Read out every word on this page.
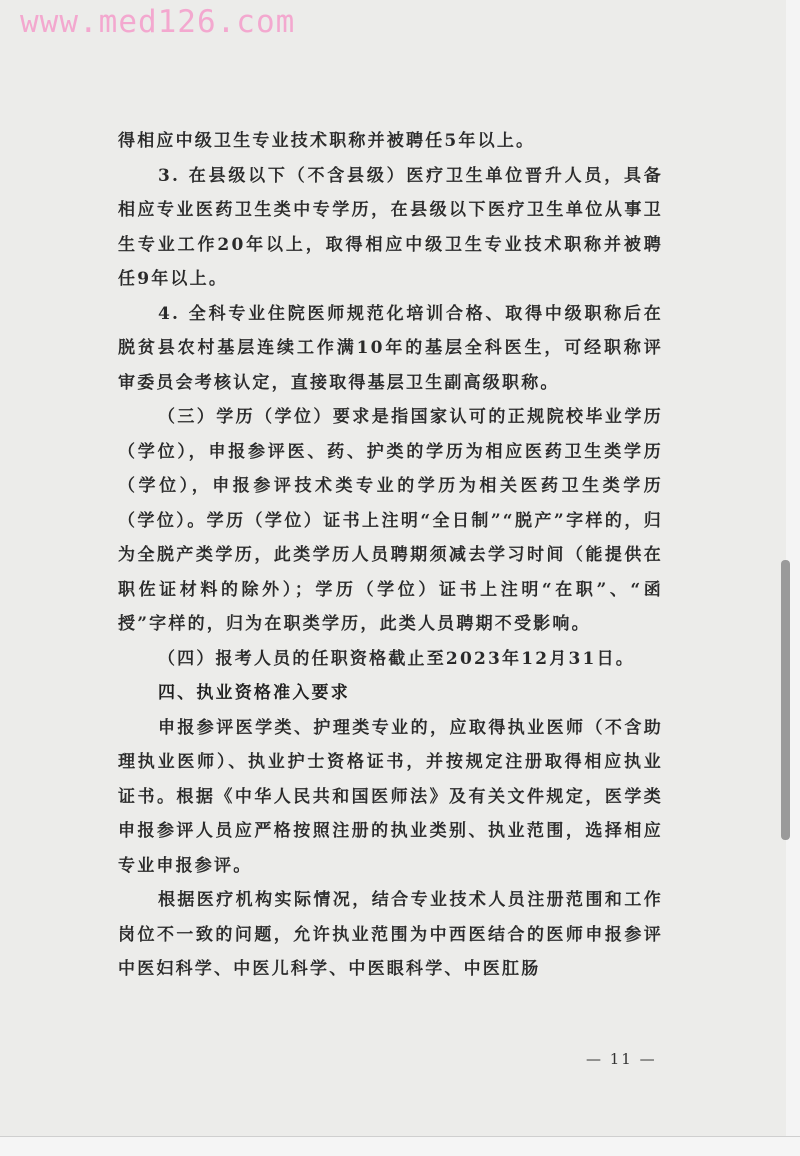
www.med126.com

得相应中级卫生专业技术职称并被聘任5年以上。

3. 在县级以下（不含县级）医疗卫生单位晋升人员，具备相应专业医药卫生类中专学历，在县级以下医疗卫生单位从事卫生专业工作20年以上，取得相应中级卫生专业技术职称并被聘任9年以上。

4. 全科专业住院医师规范化培训合格、取得中级职称后在脱贫县农村基层连续工作满10年的基层全科医生，可经职称评审委员会考核认定，直接取得基层卫生副高级职称。

（三）学历（学位）要求是指国家认可的正规院校毕业学历（学位），申报参评医、药、护类的学历为相应医药卫生类学历（学位），申报参评技术类专业的学历为相关医药卫生类学历（学位）。学历（学位）证书上注明“全日制”“脱产”字样的，归为全脱产类学历，此类学历人员聘期须减去学习时间（能提供在职佐证材料的除外）；学历（学位）证书上注明“在职”、“函授”字样的，归为在职类学历，此类人员聘期不受影响。

（四）报考人员的任职资格截止至2023年12月31日。

四、执业资格准入要求

申报参评医学类、护理类专业的，应取得执业医师（不含助理执业医师）、执业护士资格证书，并按规定注册取得相应执业证书。根据《中华人民共和国医师法》及有关文件规定，医学类申报参评人员应严格按照注册的执业类别、执业范围，选择相应专业申报参评。

根据医疗机构实际情况，结合专业技术人员注册范围和工作岗位不一致的问题，允许执业范围为中西医结合的医师申报参评中医妇科学、中医儿科学、中医眼科学、中医肛肠

— 11 —
